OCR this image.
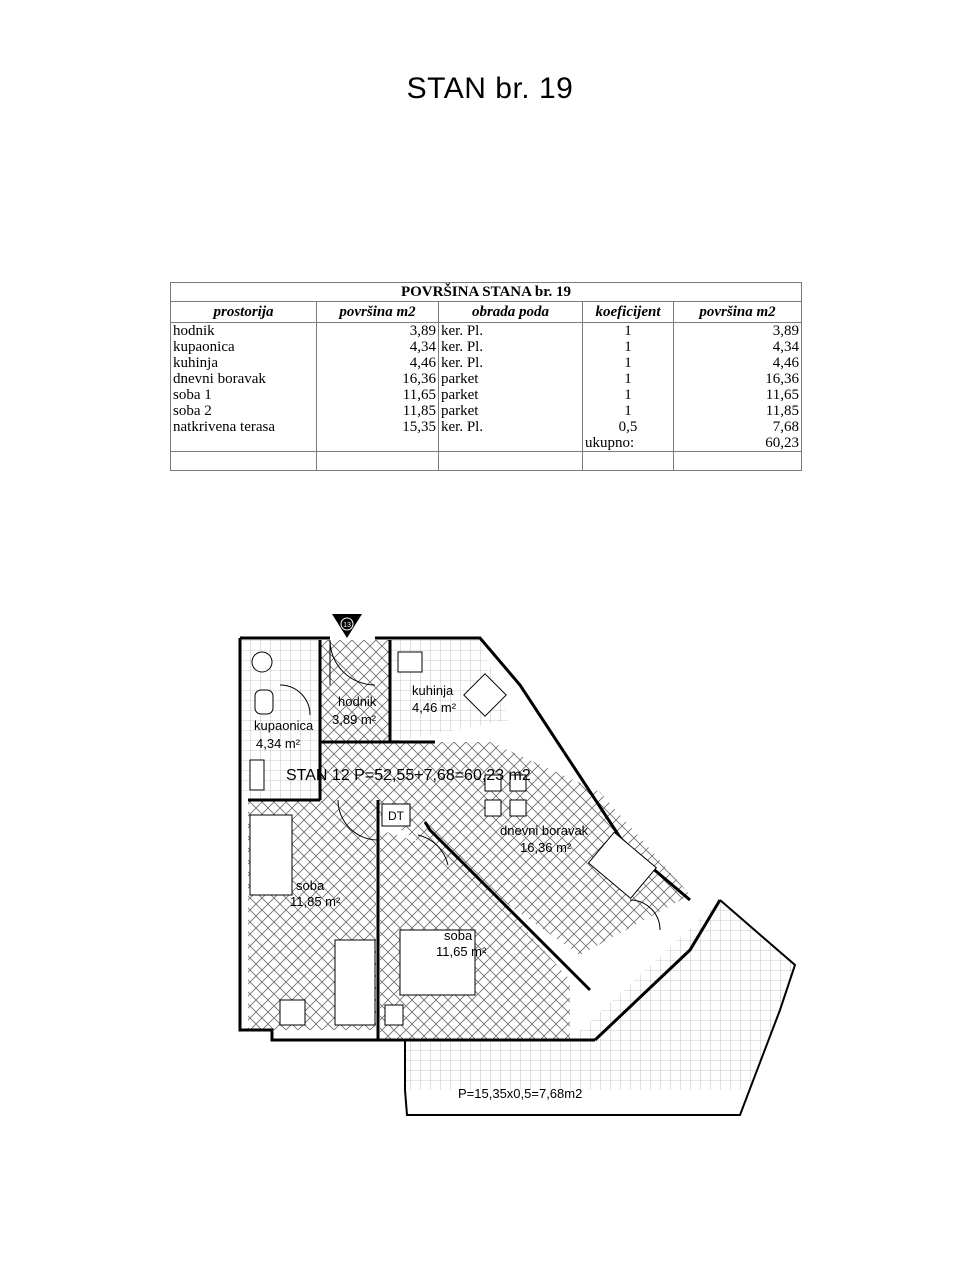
STAN br. 19
POVRŠINA STANA br. 19				
prostorija	površina m2	obrada poda	koeficijent	površina m2
hodnik	3,89	ker. Pl.	1	3,89
kupaonica	4,34	ker. Pl.	1	4,34
kuhinja	4,46	ker. Pl.	1	4,46
dnevni boravak	16,36	parket	1	16,36
soba 1	11,65	parket	1	11,65
soba 2	11,85	parket	1	11,85
natkrivena terasa	15,35	ker. Pl.	0,5	7,68
			ukupno:	60,23

13
DT
hodnik
3,89 m²
kuhinja
4,46 m²
kupaonica
4,34 m²
dnevni boravak
16,36 m²
soba
11,85 m²
soba
11,65 m²
STAN 12 P=52,55+7,68=60,23 m2
P=15,35x0,5=7,68m2
